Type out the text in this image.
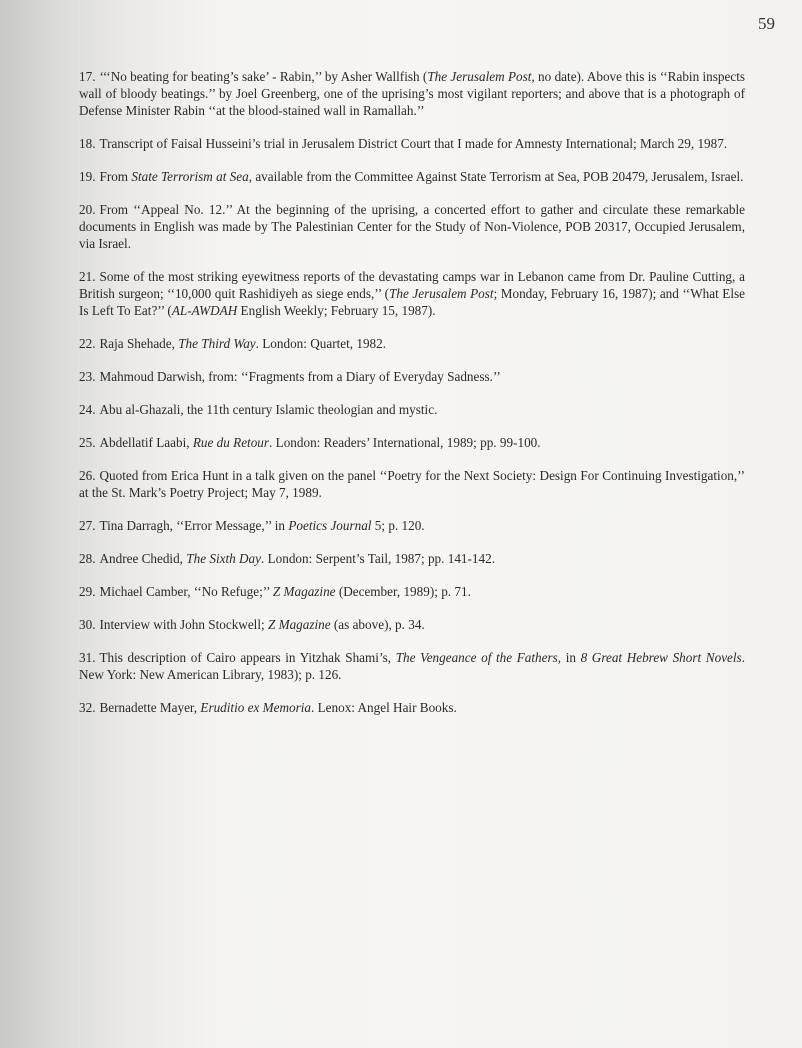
59

17. ‘‘‘No beating for beating’s sake’ - Rabin,’’ by Asher Wallfish (The Jerusalem Post, no date). Above this is ‘‘Rabin inspects wall of bloody beatings.’’ by Joel Greenberg, one of the uprising’s most vigilant reporters; and above that is a photograph of Defense Minister Rabin ‘‘at the blood-stained wall in Ramallah.’’

18. Transcript of Faisal Husseini’s trial in Jerusalem District Court that I made for Amnesty International; March 29, 1987.

19. From State Terrorism at Sea, available from the Committee Against State Terrorism at Sea, POB 20479, Jerusalem, Israel.

20. From ‘‘Appeal No. 12.’’ At the beginning of the uprising, a concerted effort to gather and circulate these remarkable documents in English was made by The Palestinian Center for the Study of Non-Violence, POB 20317, Occupied Jerusalem, via Israel.

21. Some of the most striking eyewitness reports of the devastating camps war in Lebanon came from Dr. Pauline Cutting, a British surgeon; ‘‘10,000 quit Rashidiyeh as siege ends,’’ (The Jerusalem Post; Monday, February 16, 1987); and ‘‘What Else Is Left To Eat?’’ (AL-AWDAH English Weekly; February 15, 1987).

22. Raja Shehade, The Third Way. London: Quartet, 1982.

23. Mahmoud Darwish, from: ‘‘Fragments from a Diary of Everyday Sadness.’’

24. Abu al-Ghazali, the 11th century Islamic theologian and mystic.

25. Abdellatif Laabi, Rue du Retour. London: Readers’ International, 1989; pp. 99-100.

26. Quoted from Erica Hunt in a talk given on the panel ‘‘Poetry for the Next Society: Design For Continuing Investigation,’’ at the St. Mark’s Poetry Project; May 7, 1989.

27. Tina Darragh, ‘‘Error Message,’’ in Poetics Journal 5; p. 120.

28. Andree Chedid, The Sixth Day. London: Serpent’s Tail, 1987; pp. 141-142.

29. Michael Camber, ‘‘No Refuge;’’ Z Magazine (December, 1989); p. 71.

30. Interview with John Stockwell; Z Magazine (as above), p. 34.

31. This description of Cairo appears in Yitzhak Shami’s, The Vengeance of the Fathers, in 8 Great Hebrew Short Novels. New York: New American Library, 1983); p. 126.

32. Bernadette Mayer, Eruditio ex Memoria. Lenox: Angel Hair Books.
